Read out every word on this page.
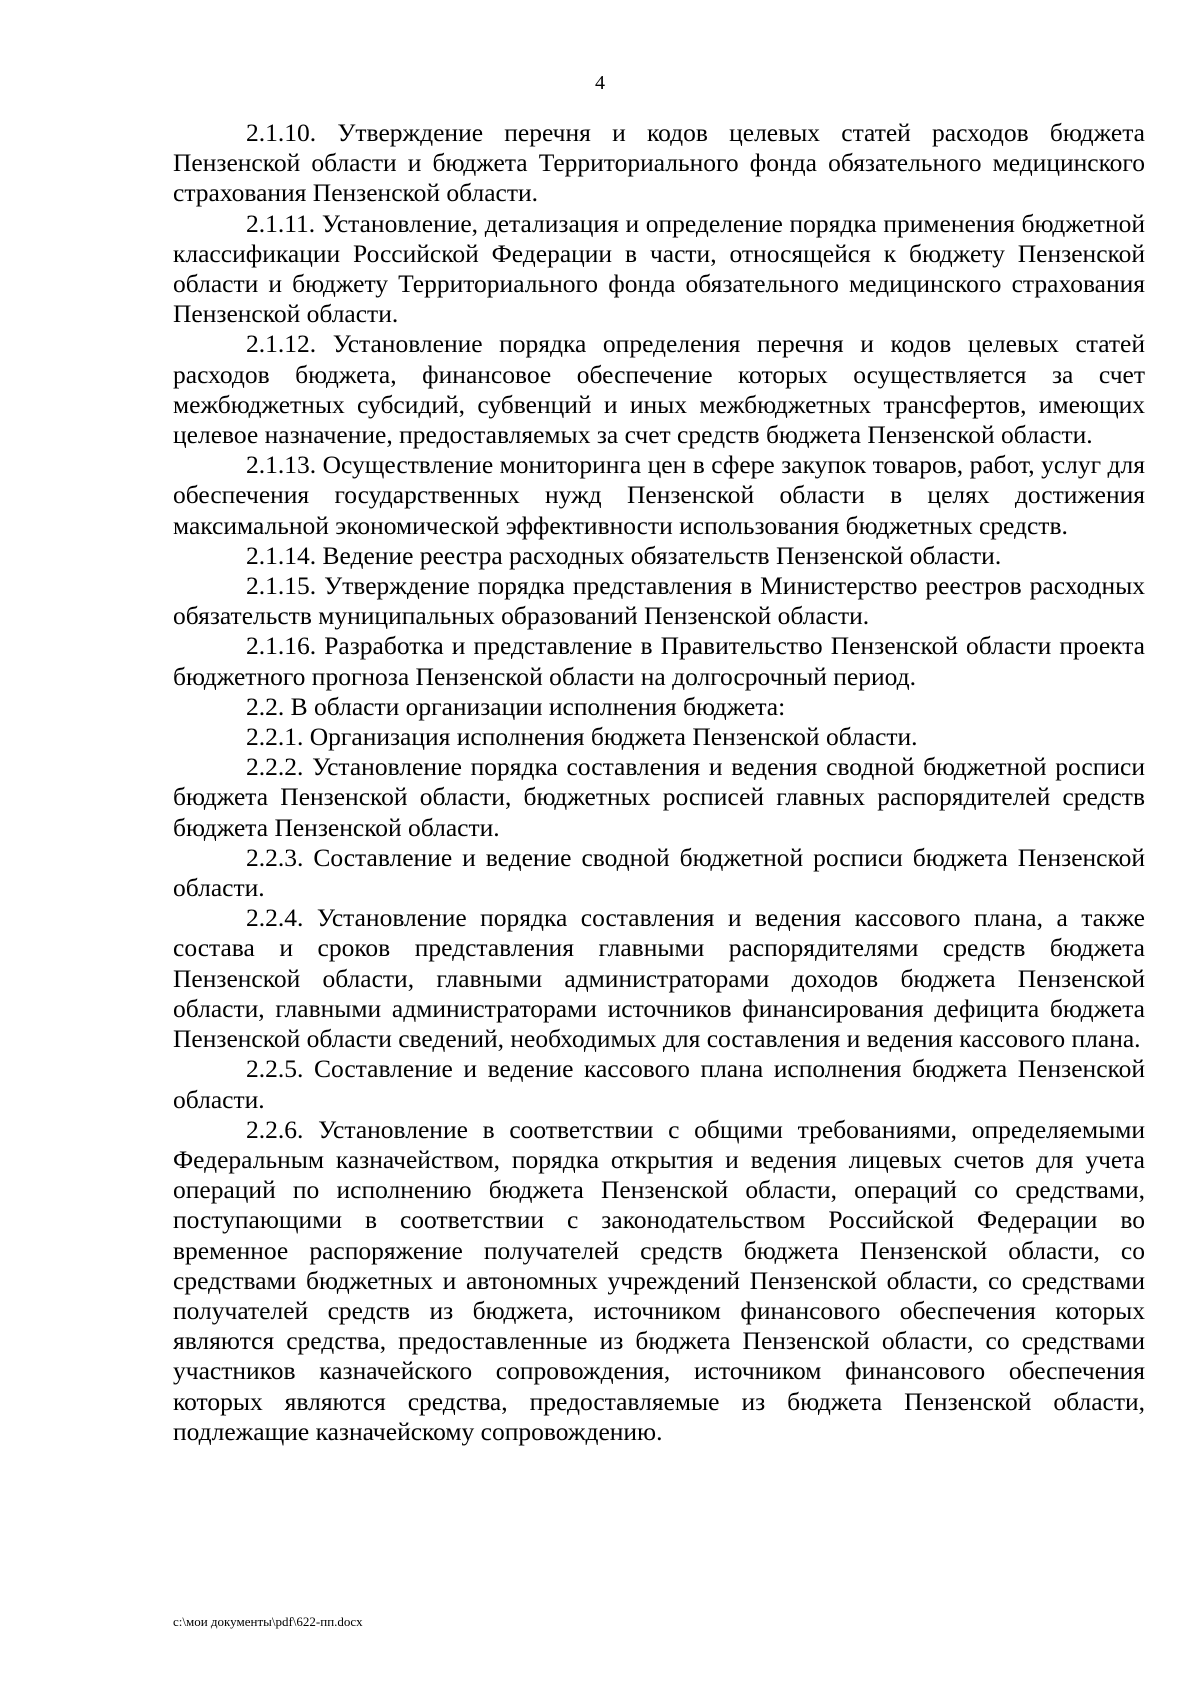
4

2.1.10. Утверждение перечня и кодов целевых статей расходов бюджета Пензенской области и бюджета Территориального фонда обязательного медицинского страхования Пензенской области.

2.1.11. Установление, детализация и определение порядка применения бюджетной классификации Российской Федерации в части, относящейся к бюджету Пензенской области и бюджету Территориального фонда обязательного медицинского страхования Пензенской области.

2.1.12. Установление порядка определения перечня и кодов целевых статей расходов бюджета, финансовое обеспечение которых осуществляется за счет межбюджетных субсидий, субвенций и иных межбюджетных трансфертов, имеющих целевое назначение, предоставляемых за счет средств бюджета Пензенской области.

2.1.13. Осуществление мониторинга цен в сфере закупок товаров, работ, услуг для обеспечения государственных нужд Пензенской области в целях достижения максимальной экономической эффективности использования бюджетных средств.

2.1.14. Ведение реестра расходных обязательств Пензенской области.

2.1.15. Утверждение порядка представления в Министерство реестров расходных обязательств муниципальных образований Пензенской области.

2.1.16. Разработка и представление в Правительство Пензенской области проекта бюджетного прогноза Пензенской области на долгосрочный период.

2.2. В области организации исполнения бюджета:

2.2.1. Организация исполнения бюджета Пензенской области.

2.2.2. Установление порядка составления и ведения сводной бюджетной росписи бюджета Пензенской области, бюджетных росписей главных распорядителей средств бюджета Пензенской области.

2.2.3. Составление и ведение сводной бюджетной росписи бюджета Пензенской области.

2.2.4. Установление порядка составления и ведения кассового плана, а также состава и сроков представления главными распорядителями средств бюджета Пензенской области, главными администраторами доходов бюджета Пензенской области, главными администраторами источников финансирования дефицита бюджета Пензенской области сведений, необходимых для составления и ведения кассового плана.

2.2.5. Составление и ведение кассового плана исполнения бюджета Пензенской области.

2.2.6. Установление в соответствии с общими требованиями, определяемыми Федеральным казначейством, порядка открытия и ведения лицевых счетов для учета операций по исполнению бюджета Пензенской области, операций со средствами, поступающими в соответствии с законодательством Российской Федерации во временное распоряжение получателей средств бюджета Пензенской области, со средствами бюджетных и автономных учреждений Пензенской области, со средствами получателей средств из бюджета, источником финансового обеспечения которых являются средства, предоставленные из бюджета Пензенской области, со средствами участников казначейского сопровождения, источником финансового обеспечения которых являются средства, предоставляемые из бюджета Пензенской области, подлежащие казначейскому сопровождению.

c:\мои документы\pdf\622-пп.docx
